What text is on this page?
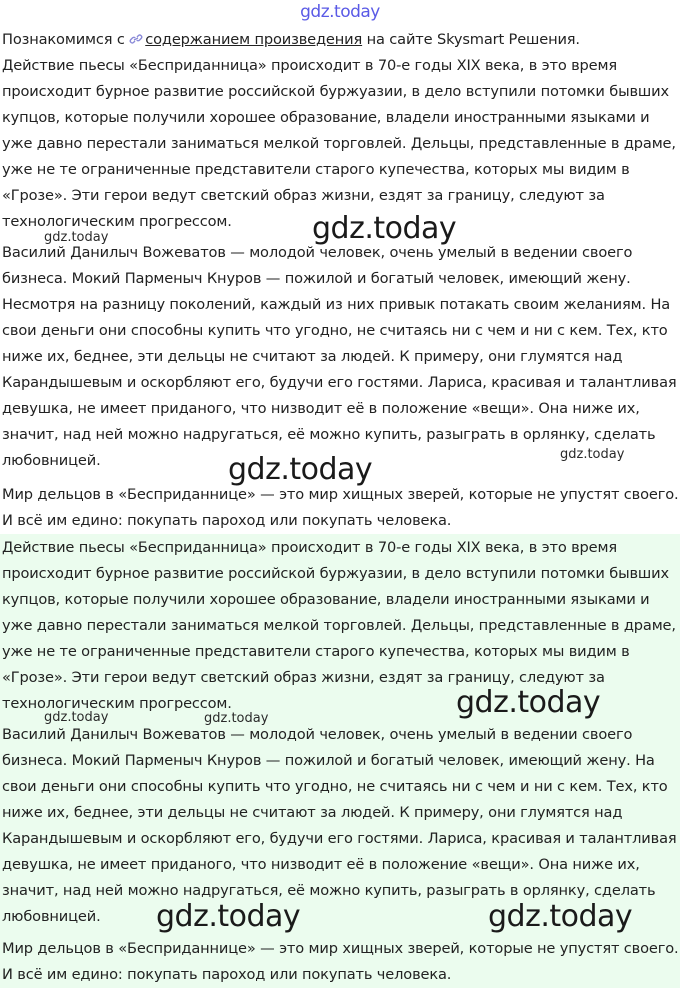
gdz.today

Познакомимся с содержанием произведения на сайте Skysmart Решения.

Действие пьесы «Бесприданница» происходит в 70-е годы XIX века, в это время
происходит бурное развитие российской буржуазии, в дело вступили потомки бывших
купцов, которые получили хорошее образование, владели иностранными языками и
уже давно перестали заниматься мелкой торговлей. Дельцы, представленные в драме,
уже не те ограниченные представители старого купечества, которых мы видим в
«Грозе». Эти герои ведут светский образ жизни, ездят за границу, следуют за
технологическим прогрессом.
Василий Данилыч Вожеватов — молодой человек, очень умелый в ведении своего
бизнеса. Мокий Парменыч Кнуров — пожилой и богатый человек, имеющий жену.
Несмотря на разницу поколений, каждый из них привык потакать своим желаниям. На
свои деньги они способны купить что угодно, не считаясь ни с чем и ни с кем. Тех, кто
ниже их, беднее, эти дельцы не считают за людей. К примеру, они глумятся над
Карандышевым и оскорбляют его, будучи его гостями. Лариса, красивая и талантливая
девушка, не имеет приданого, что низводит её в положение «вещи». Она ниже их,
значит, над ней можно надругаться, её можно купить, разыграть в орлянку, сделать
любовницей.
Мир дельцов в «Бесприданнице» — это мир хищных зверей, которые не упустят своего.
И всё им едино: покупать пароход или покупать человека.
Действие пьесы «Бесприданница» происходит в 70-е годы XIX века, в это время
происходит бурное развитие российской буржуазии, в дело вступили потомки бывших
купцов, которые получили хорошее образование, владели иностранными языками и
уже давно перестали заниматься мелкой торговлей. Дельцы, представленные в драме,
уже не те ограниченные представители старого купечества, которых мы видим в
«Грозе». Эти герои ведут светский образ жизни, ездят за границу, следуют за
технологическим прогрессом.
Василий Данилыч Вожеватов — молодой человек, очень умелый в ведении своего
бизнеса. Мокий Парменыч Кнуров — пожилой и богатый человек, имеющий жену. На
свои деньги они способны купить что угодно, не считаясь ни с чем и ни с кем. Тех, кто
ниже их, беднее, эти дельцы не считают за людей. К примеру, они глумятся над
Карандышевым и оскорбляют его, будучи его гостями. Лариса, красивая и талантливая
девушка, не имеет приданого, что низводит её в положение «вещи». Она ниже их,
значит, над ней можно надругаться, её можно купить, разыграть в орлянку, сделать
любовницей.
Мир дельцов в «Бесприданнице» — это мир хищных зверей, которые не упустят своего.
И всё им едино: покупать пароход или покупать человека.
gdz.today
gdz.today
gdz.today	gdz.today
gdz.today
gdz.today	gdz.today
gdz.today	gdz.today
